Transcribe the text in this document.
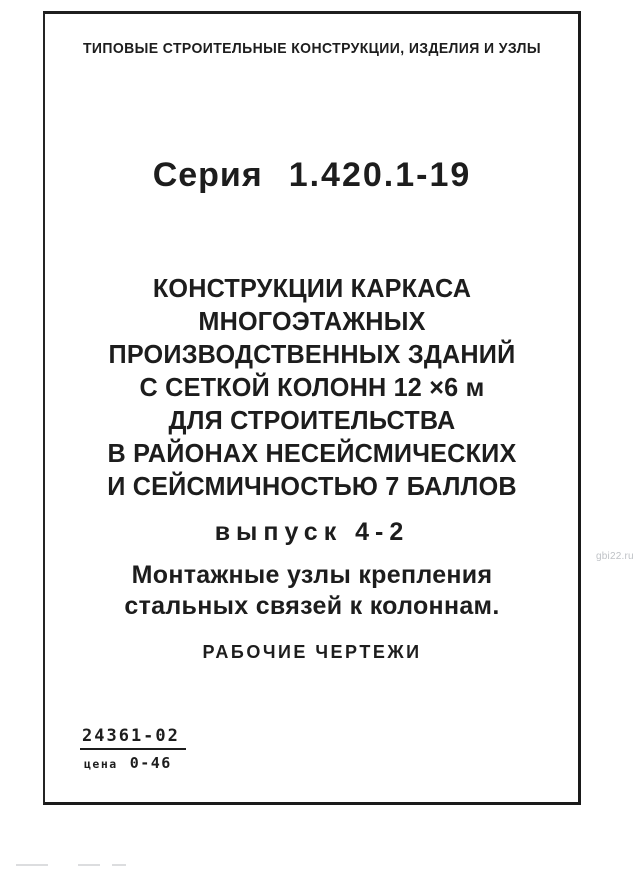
ТИПОВЫЕ СТРОИТЕЛЬНЫЕ КОНСТРУКЦИИ, ИЗДЕЛИЯ И УЗЛЫ
Серия 1.420.1-19
КОНСТРУКЦИИ КАРКАСА
МНОГОЭТАЖНЫХ
ПРОИЗВОДСТВЕННЫХ ЗДАНИЙ
С СЕТКОЙ КОЛОНН 12 ×6 м
ДЛЯ СТРОИТЕЛЬСТВА
В РАЙОНАХ НЕСЕЙСМИЧЕСКИХ
И СЕЙСМИЧНОСТЬЮ 7 БАЛЛОВ
выпуск 4-2
Монтажные узлы крепления
стальных связей к колоннам.
РАБОЧИЕ ЧЕРТЕЖИ
24361-02
цена 0-46
gbi22.ru
